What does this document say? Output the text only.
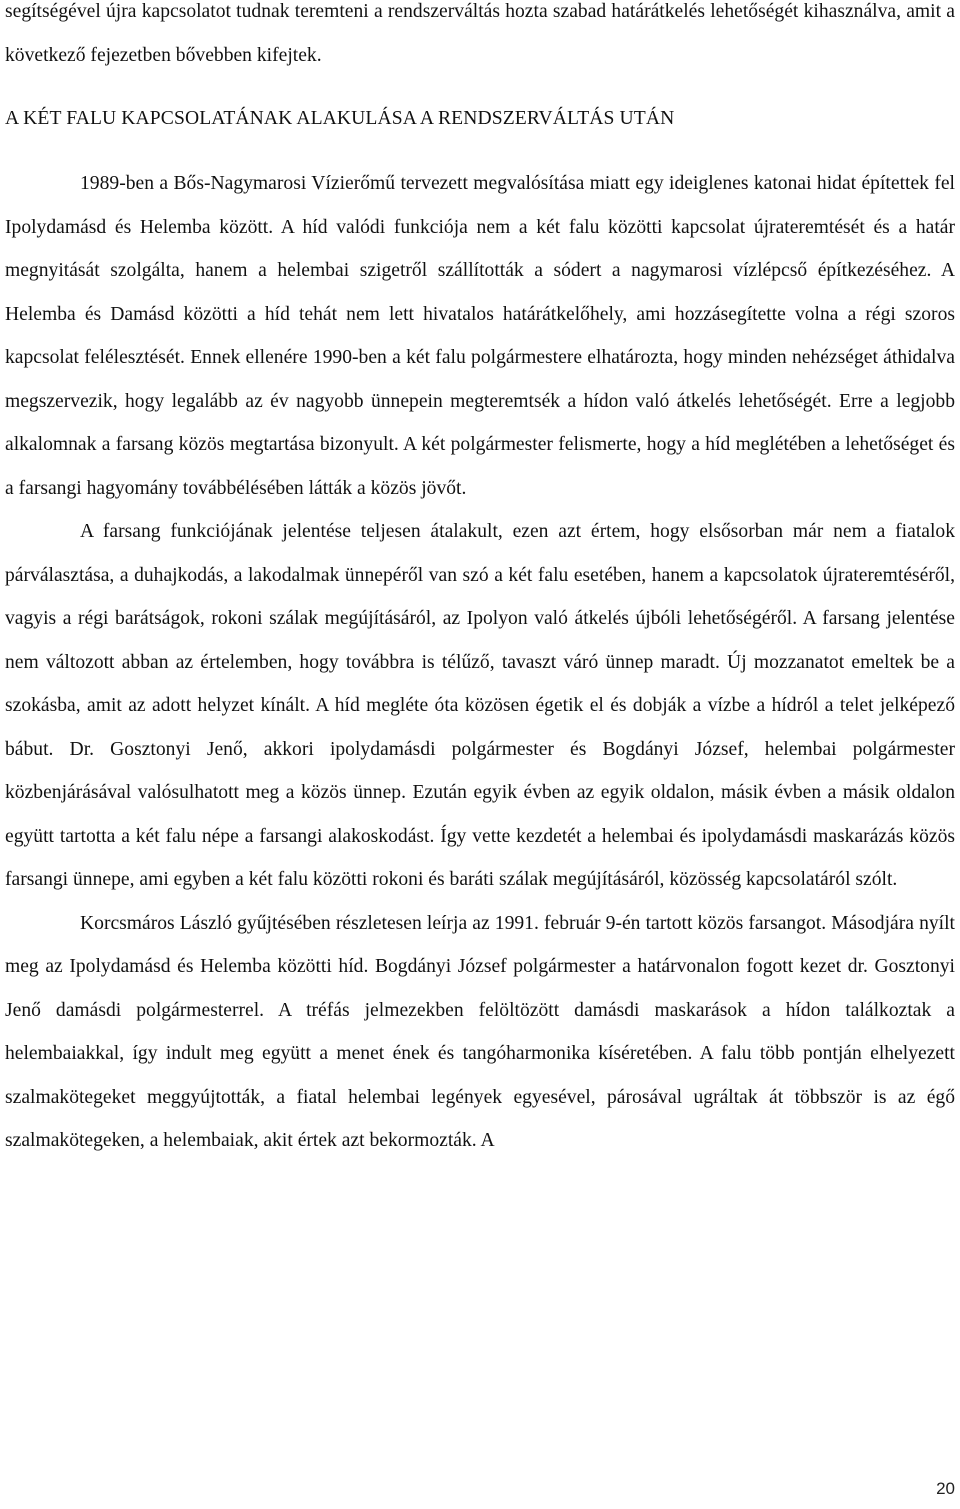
segítségével újra kapcsolatot tudnak teremteni a rendszerváltás hozta szabad határátkelés lehetőségét kihasználva, amit a következő fejezetben bővebben kifejtek.

A KÉT FALU KAPCSOLATÁNAK ALAKULÁSA A RENDSZERVÁLTÁS UTÁN

1989-ben a Bős-Nagymarosi Vízierőmű tervezett megvalósítása miatt egy ideiglenes katonai hidat építettek fel Ipolydamásd és Helemba között. A híd valódi funkciója nem a két falu közötti kapcsolat újrateremtését és a határ megnyitását szolgálta, hanem a helembai szigetről szállították a sódert a nagymarosi vízlépcső építkezéséhez. A Helemba és Damásd közötti a híd tehát nem lett hivatalos határátkelőhely, ami hozzásegítette volna a régi szoros kapcsolat felélesztését. Ennek ellenére 1990-ben a két falu polgármestere elhatározta, hogy minden nehézséget áthidalva megszervezik, hogy legalább az év nagyobb ünnepein megteremtsék a hídon való átkelés lehetőségét. Erre a legjobb alkalomnak a farsang közös megtartása bizonyult. A két polgármester felismerte, hogy a híd meglétében a lehetőséget és a farsangi hagyomány továbbélésében látták a közös jövőt.

A farsang funkciójának jelentése teljesen átalakult, ezen azt értem, hogy elsősorban már nem a fiatalok párválasztása, a duhajkodás, a lakodalmak ünnepéről van szó a két falu esetében, hanem a kapcsolatok újrateremtéséről, vagyis a régi barátságok, rokoni szálak megújításáról, az Ipolyon való átkelés újbóli lehetőségéről. A farsang jelentése nem változott abban az értelemben, hogy továbbra is télűző, tavaszt váró ünnep maradt. Új mozzanatot emeltek be a szokásba, amit az adott helyzet kínált. A híd megléte óta közösen égetik el és dobják a vízbe a hídról a telet jelképező bábut. Dr. Gosztonyi Jenő, akkori ipolydamásdi polgármester és Bogdányi József, helembai polgármester közbenjárásával valósulhatott meg a közös ünnep. Ezután egyik évben az egyik oldalon, másik évben a másik oldalon együtt tartotta a két falu népe a farsangi alakoskodást. Így vette kezdetét a helembai és ipolydamásdi maskarázás közös farsangi ünnepe, ami egyben a két falu közötti rokoni és baráti szálak megújításáról, közösség kapcsolatáról szólt.

Korcsmáros László gyűjtésében részletesen leírja az 1991. február 9-én tartott közös farsangot. Másodjára nyílt meg az Ipolydamásd és Helemba közötti híd. Bogdányi József polgármester a határvonalon fogott kezet dr. Gosztonyi Jenő damásdi polgármesterrel. A tréfás jelmezekben felöltözött damásdi maskarások a hídon találkoztak a helembaiakkal, így indult meg együtt a menet ének és tangóharmonika kíséretében. A falu több pontján elhelyezett szalmakötegeket meggyújtották, a fiatal helembai legények egyesével, párosával ugráltak át többször is az égő szalmakötegeken, a helembaiak, akit értek azt bekormozták. A

20
